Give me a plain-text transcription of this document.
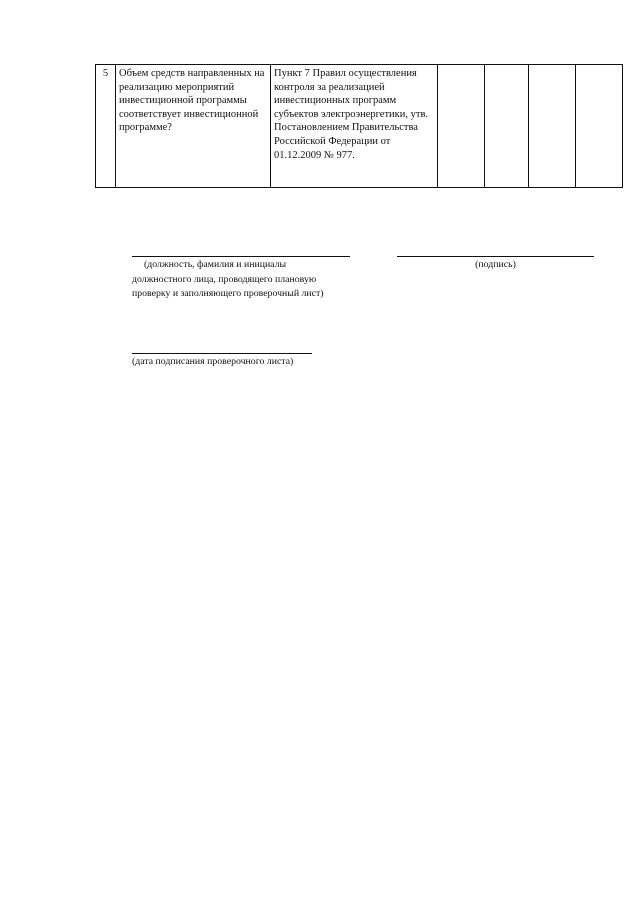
5	Объем средств направленных на реализацию мероприятий инвестиционной программы соответствует инвестиционной программе?	Пункт 7 Правил осуществления контроля за реализацией инвестиционных программ субъектов электроэнергетики, утв. Постановлением Правительства Российской Федерации от 01.12.2009 № 977.				
(должность, фамилия и инициалы
должностного лица, проводящего плановую
проверку и заполняющего проверочный лист)
(подпись)
(дата подписания проверочного листа)
